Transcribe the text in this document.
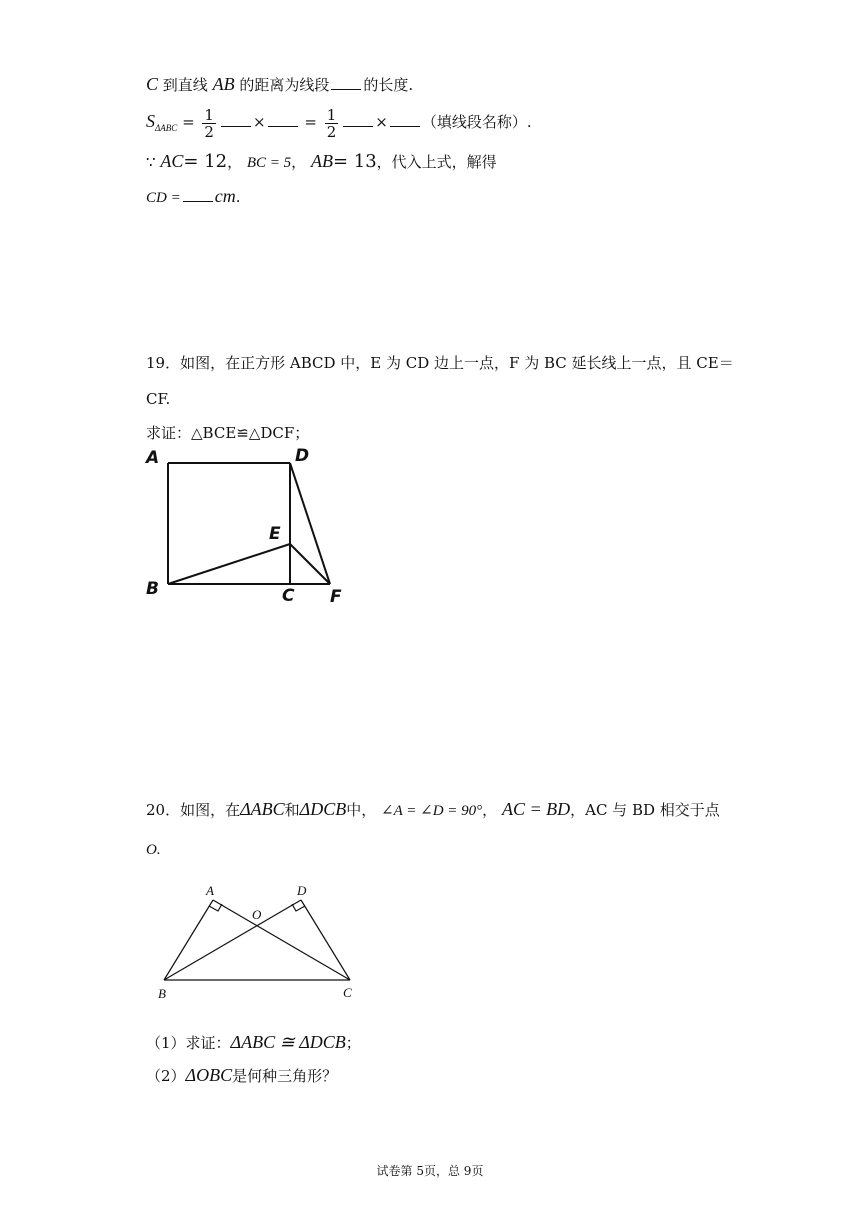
C 到直线 AB 的距离为线段 的长度.
$S_{\Delta ABC} = \frac{1}{2}$ ×	= $\frac{1}{2}$ × （填线段名称）.
∵ AC= 12， BC = 5， AB= 13，代入上式，解得
CD = cm.
19．如图，在正方形 ABCD 中，E 为 CD 边上一点，F 为 BC 延长线上一点，且 CE＝
CF.
求证：△BCE≌△DCF；
A	D
E
B	C F
20．如图，在ΔABC和ΔDCB中， ∠A = ∠D = 90°， AC = BD，AC 与 BD 相交于点
O.
A	D
O
B	C
（1）求证：ΔABC ≅ ΔDCB；
（2）ΔOBC是何种三角形？
试卷第 5页，总 9页
